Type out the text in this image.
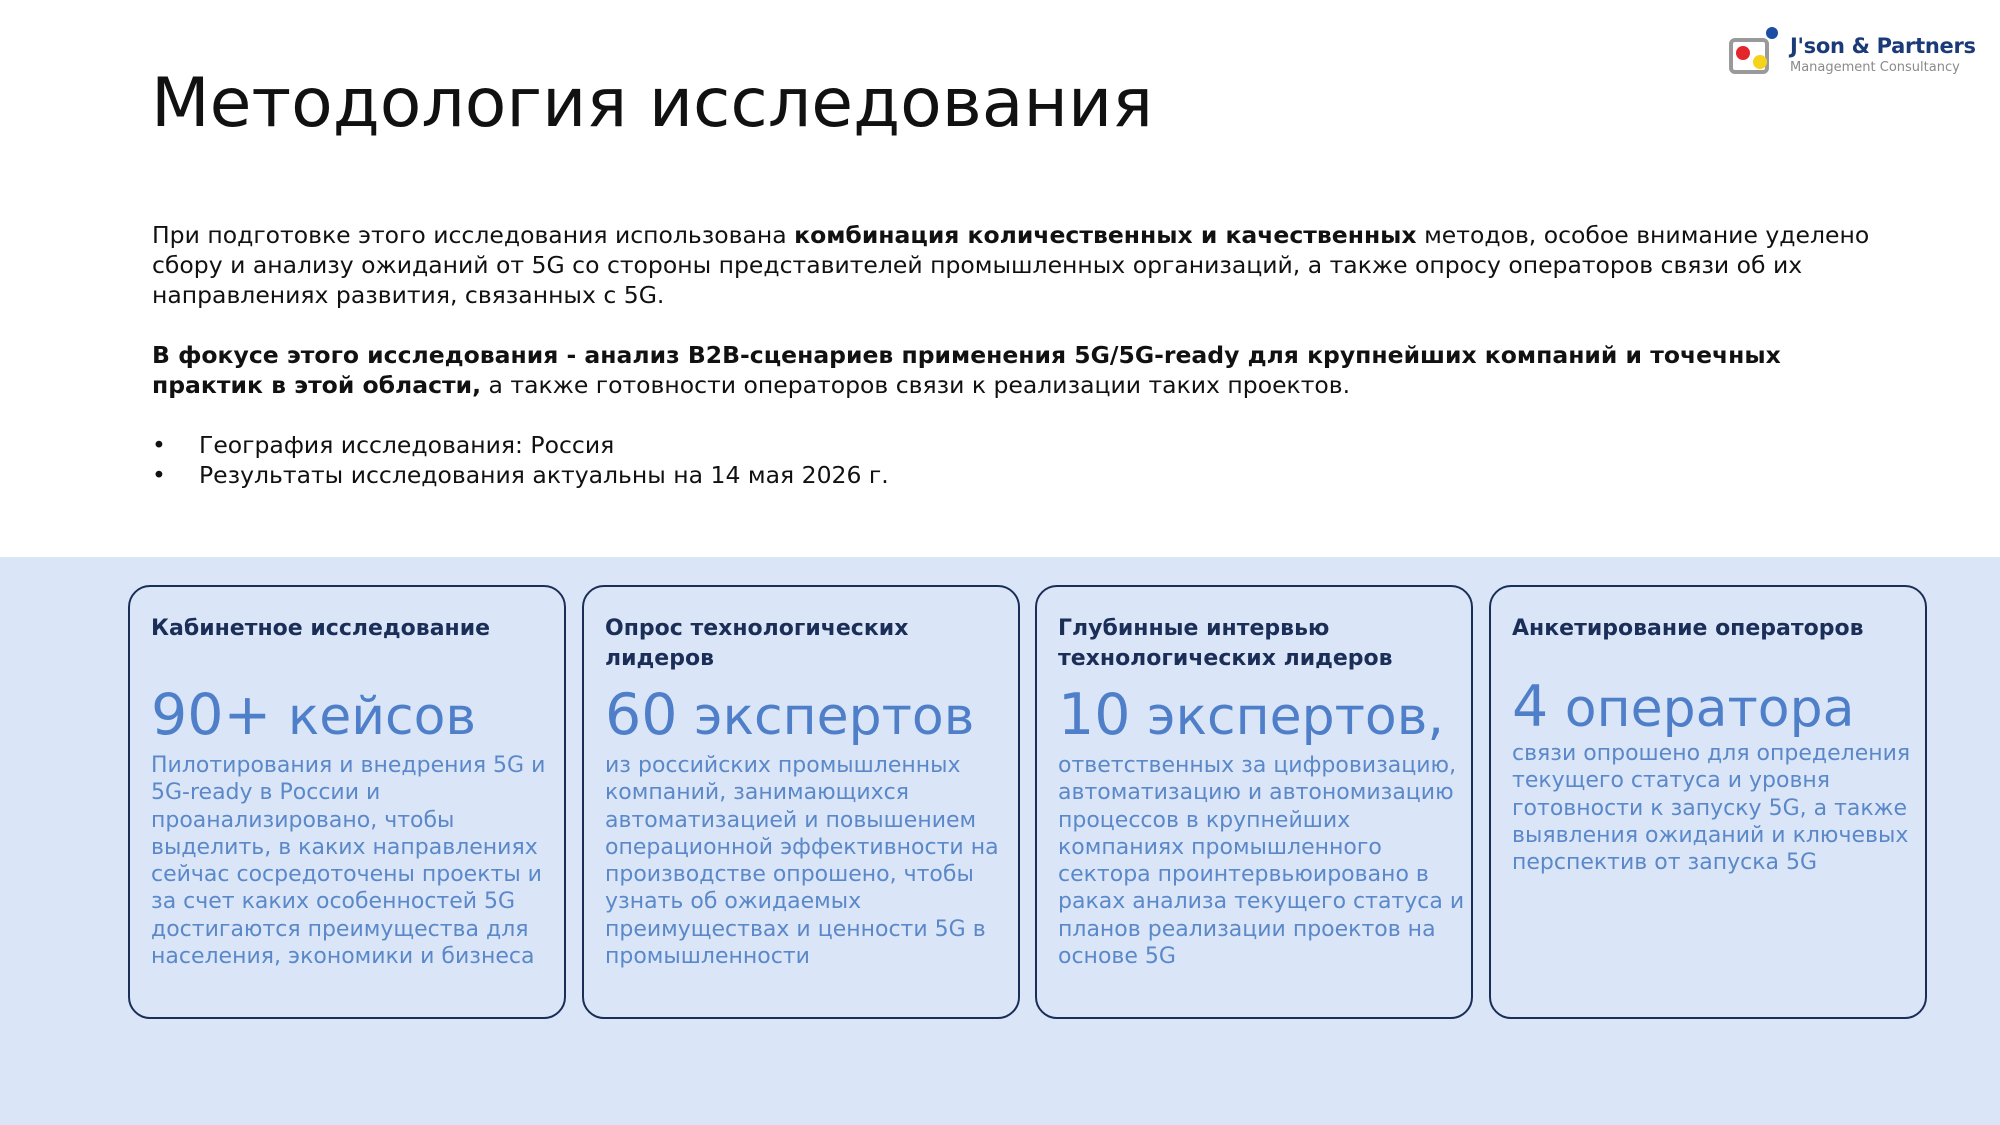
J'son & Partners
Management Consultancy
Методология исследования

При подготовке этого исследования использована комбинация количественных и качественных методов, особое внимание уделено сбору и анализу ожиданий от 5G со стороны представителей промышленных организаций, а также опросу операторов связи об их направлениях развития, связанных с 5G.

В фокусе этого исследования - анализ B2B-сценариев применения 5G/5G-ready для крупнейших компаний и точечных практик в этой области, а также готовности операторов связи к реализации таких проектов.

• География исследования: Россия
• Результаты исследования актуальны на 14 мая 2026 г.
Кабинетное исследование
90+ кейсов
Пилотирования и внедрения 5G и 5G-ready в России и проанализировано, чтобы выделить, в каких направлениях сейчас сосредоточены проекты и за счет каких особенностей 5G достигаются преимущества для населения, экономики и бизнеса
Опрос технологических лидеров
60 экспертов
из российских промышленных компаний, занимающихся автоматизацией и повышением операционной эффективности на производстве опрошено, чтобы узнать об ожидаемых преимуществах и ценности 5G в промышленности
Глубинные интервью технологических лидеров
10 экспертов,
ответственных за цифровизацию, автоматизацию и автономизацию процессов в крупнейших компаниях промышленного сектора проинтервьюировано в раках анализа текущего статуса и планов реализации проектов на основе 5G
Анкетирование операторов
4 оператора
связи опрошено для определения текущего статуса и уровня готовности к запуску 5G, а также выявления ожиданий и ключевых перспектив от запуска 5G
